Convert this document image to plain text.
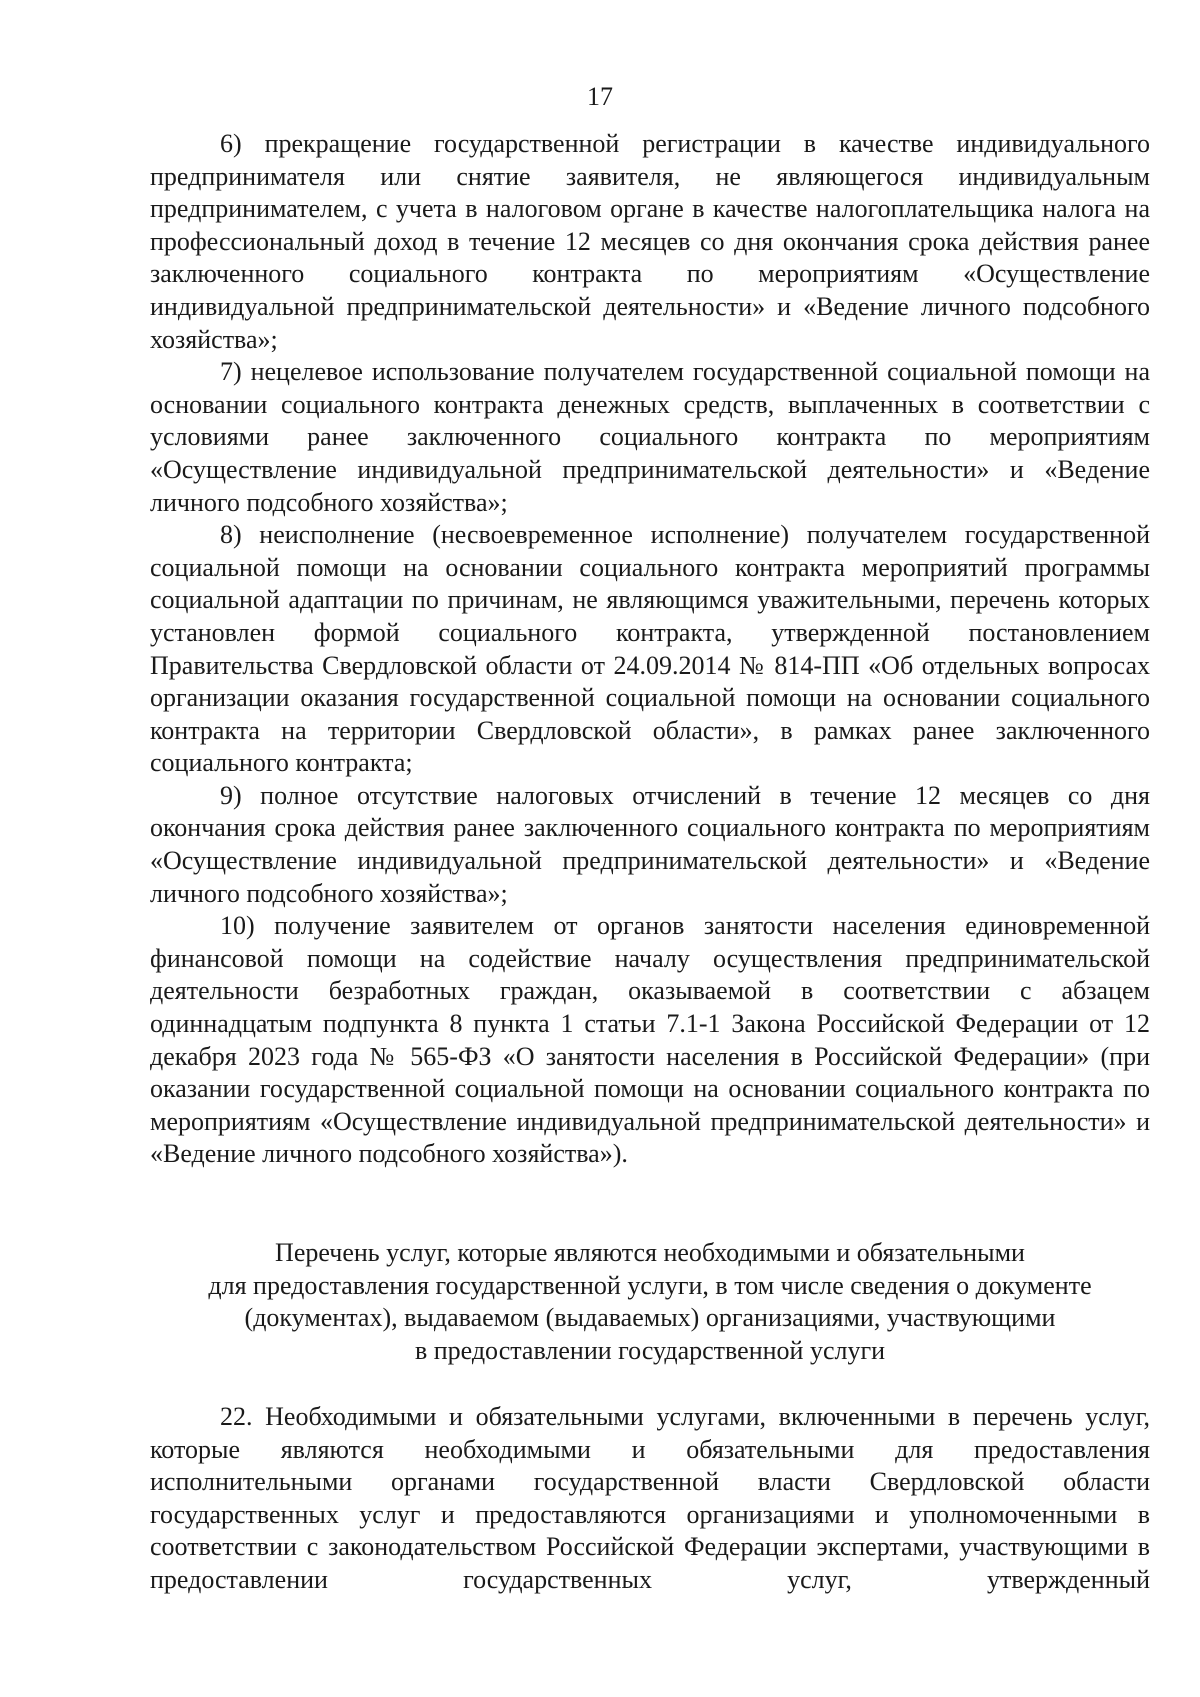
17

6) прекращение государственной регистрации в качестве индивидуального предпринимателя или снятие заявителя, не являющегося индивидуальным предпринимателем, с учета в налоговом органе в качестве налогоплательщика налога на профессиональный доход в течение 12 месяцев со дня окончания срока действия ранее заключенного социального контракта по мероприятиям «Осуществление индивидуальной предпринимательской деятельности» и «Ведение личного подсобного хозяйства»;

7) нецелевое использование получателем государственной социальной помощи на основании социального контракта денежных средств, выплаченных в соответствии с условиями ранее заключенного социального контракта по мероприятиям «Осуществление индивидуальной предпринимательской деятельности» и «Ведение личного подсобного хозяйства»;

8) неисполнение (несвоевременное исполнение) получателем государственной социальной помощи на основании социального контракта мероприятий программы социальной адаптации по причинам, не являющимся уважительными, перечень которых установлен формой социального контракта, утвержденной постановлением Правительства Свердловской области от 24.09.2014 № 814-ПП «Об отдельных вопросах организации оказания государственной социальной помощи на основании социального контракта на территории Свердловской области», в рамках ранее заключенного социального контракта;

9) полное отсутствие налоговых отчислений в течение 12 месяцев со дня окончания срока действия ранее заключенного социального контракта по мероприятиям «Осуществление индивидуальной предпринимательской деятельности» и «Ведение личного подсобного хозяйства»;

10) получение заявителем от органов занятости населения единовременной финансовой помощи на содействие началу осуществления предпринимательской деятельности безработных граждан, оказываемой в соответствии с абзацем одиннадцатым подпункта 8 пункта 1 статьи 7.1-1 Закона Российской Федерации от 12 декабря 2023 года № 565-ФЗ «О занятости населения в Российской Федерации» (при оказании государственной социальной помощи на основании социального контракта по мероприятиям «Осуществление индивидуальной предпринимательской деятельности» и «Ведение личного подсобного хозяйства»).

Перечень услуг, которые являются необходимыми и обязательными
для предоставления государственной услуги, в том числе сведения о документе
(документах), выдаваемом (выдаваемых) организациями, участвующими
в предоставлении государственной услуги

22. Необходимыми и обязательными услугами, включенными в перечень услуг, которые являются необходимыми и обязательными для предоставления исполнительными органами государственной власти Свердловской области государственных услуг и предоставляются организациями и уполномоченными в соответствии с законодательством Российской Федерации экспертами, участвующими в предоставлении государственных услуг, утвержденный
